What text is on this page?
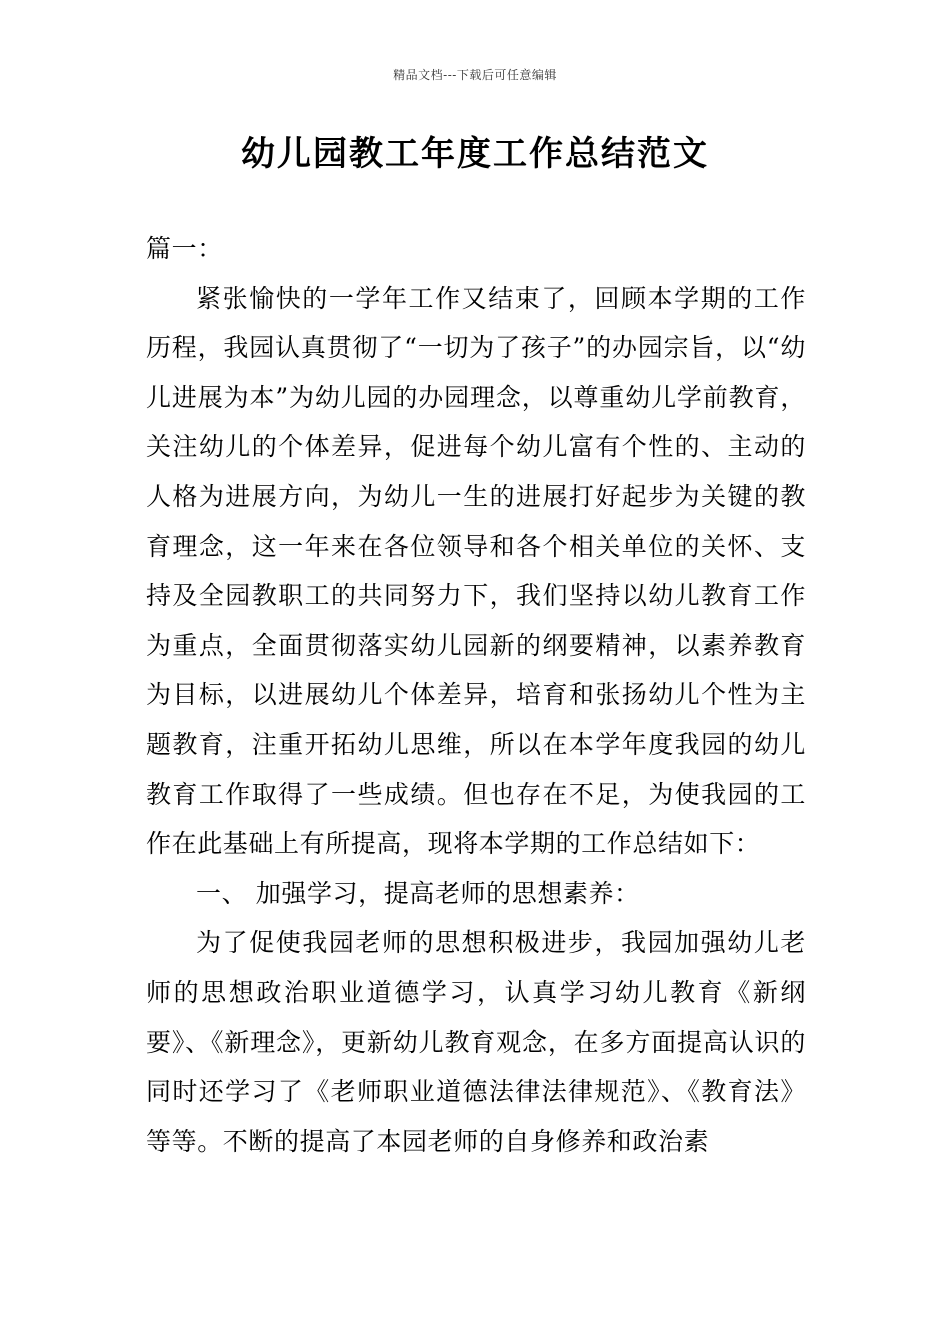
精品文档---下载后可任意编辑
幼儿园教工年度工作总结范文

篇一：

紧张愉快的一学年工作又结束了，回顾本学期的工作历程，我园认真贯彻了“一切为了孩子”的办园宗旨，以“幼儿进展为本”为幼儿园的办园理念，以尊重幼儿学前教育，关注幼儿的个体差异，促进每个幼儿富有个性的、主动的人格为进展方向，为幼儿一生的进展打好起步为关键的教育理念，这一年来在各位领导和各个相关单位的关怀、支持及全园教职工的共同努力下，我们坚持以幼儿教育工作为重点，全面贯彻落实幼儿园新的纲要精神，以素养教育为目标，以进展幼儿个体差异，培育和张扬幼儿个性为主题教育，注重开拓幼儿思维，所以在本学年度我园的幼儿教育工作取得了一些成绩。但也存在不足，为使我园的工作在此基础上有所提高，现将本学期的工作总结如下：

一、 加强学习，提高老师的思想素养：

为了促使我园老师的思想积极进步，我园加强幼儿老师的思想政治职业道德学习，认真学习幼儿教育《新纲要》、《新理念》，更新幼儿教育观念，在多方面提高认识的同时还学习了《老师职业道德法律法律规范》、《教育法》等等。不断的提高了本园老师的自身修养和政治素
